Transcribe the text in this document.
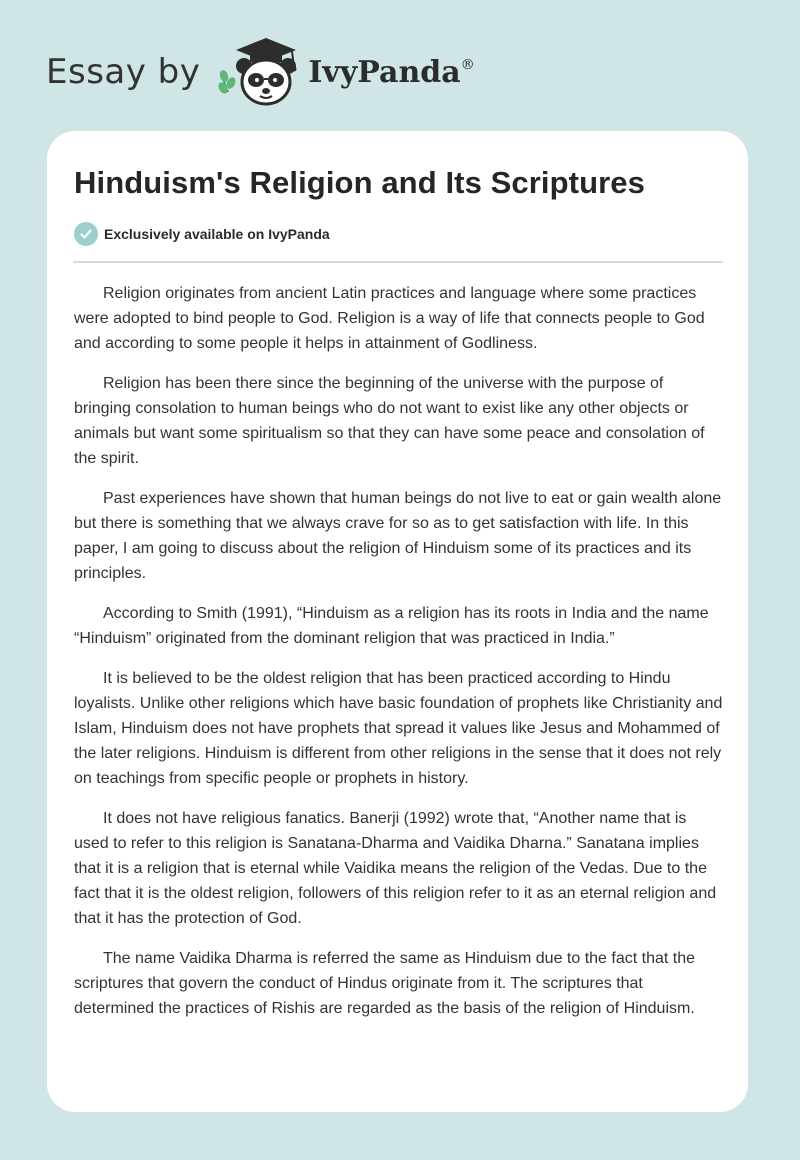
Essay by	IvyPanda®
Hinduism's Religion and Its Scriptures
Exclusively available on IvyPanda

Religion originates from ancient Latin practices and language where some practices were adopted to bind people to God. Religion is a way of life that connects people to God and according to some people it helps in attainment of Godliness.

Religion has been there since the beginning of the universe with the purpose of bringing consolation to human beings who do not want to exist like any other objects or animals but want some spiritualism so that they can have some peace and consolation of the spirit.

Past experiences have shown that human beings do not live to eat or gain wealth alone but there is something that we always crave for so as to get satisfaction with life. In this paper, I am going to discuss about the religion of Hinduism some of its practices and its principles.

According to Smith (1991), “Hinduism as a religion has its roots in India and the name “Hinduism” originated from the dominant religion that was practiced in India.”

It is believed to be the oldest religion that has been practiced according to Hindu loyalists. Unlike other religions which have basic foundation of prophets like Christianity and Islam, Hinduism does not have prophets that spread it values like Jesus and Mohammed of the later religions. Hinduism is different from other religions in the sense that it does not rely on teachings from specific people or prophets in history.

It does not have religious fanatics. Banerji (1992) wrote that, “Another name that is used to refer to this religion is Sanatana-Dharma and Vaidika Dharna.” Sanatana implies that it is a religion that is eternal while Vaidika means the religion of the Vedas. Due to the fact that it is the oldest religion, followers of this religion refer to it as an eternal religion and that it has the protection of God.

The name Vaidika Dharma is referred the same as Hinduism due to the fact that the scriptures that govern the conduct of Hindus originate from it. The scriptures that determined the practices of Rishis are regarded as the basis of the religion of Hinduism.
